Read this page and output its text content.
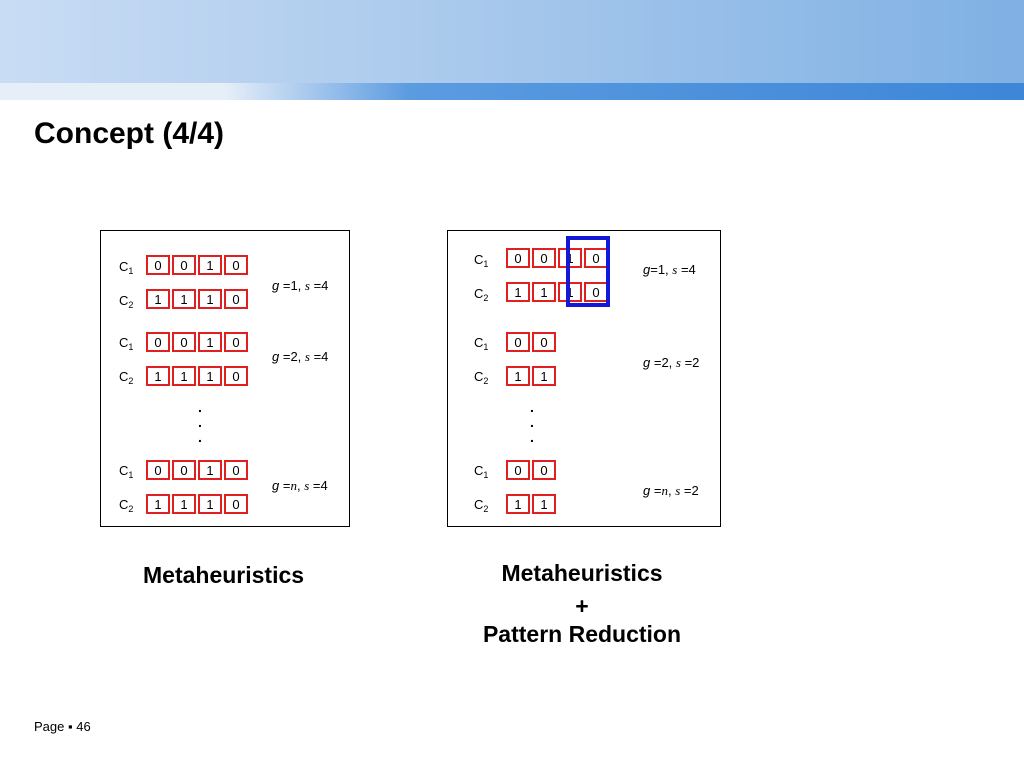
Concept (4/4)
$C_1$	0	0	1	0
$C_2$	1	1	1	0
$C_1$	0	0	1	0
$C_2$	1	1	1	0
.
.
.
$C_1$	0	0	1	0
$C_2$	1	1	1	0
g =1, s =4
g =2, s =4
g =n, s =4
$C_1$	0	0	1	0
$C_2$	1	1	1	0
$C_1$	0	0
$C_2$	1	1
.
.
.
$C_1$	0	0
$C_2$	1	1
g=1, s =4
g =2, s =2
g =n, s =2
Metaheuristics	Metaheuristics
+
Pattern Reduction
Page ▪ 46
